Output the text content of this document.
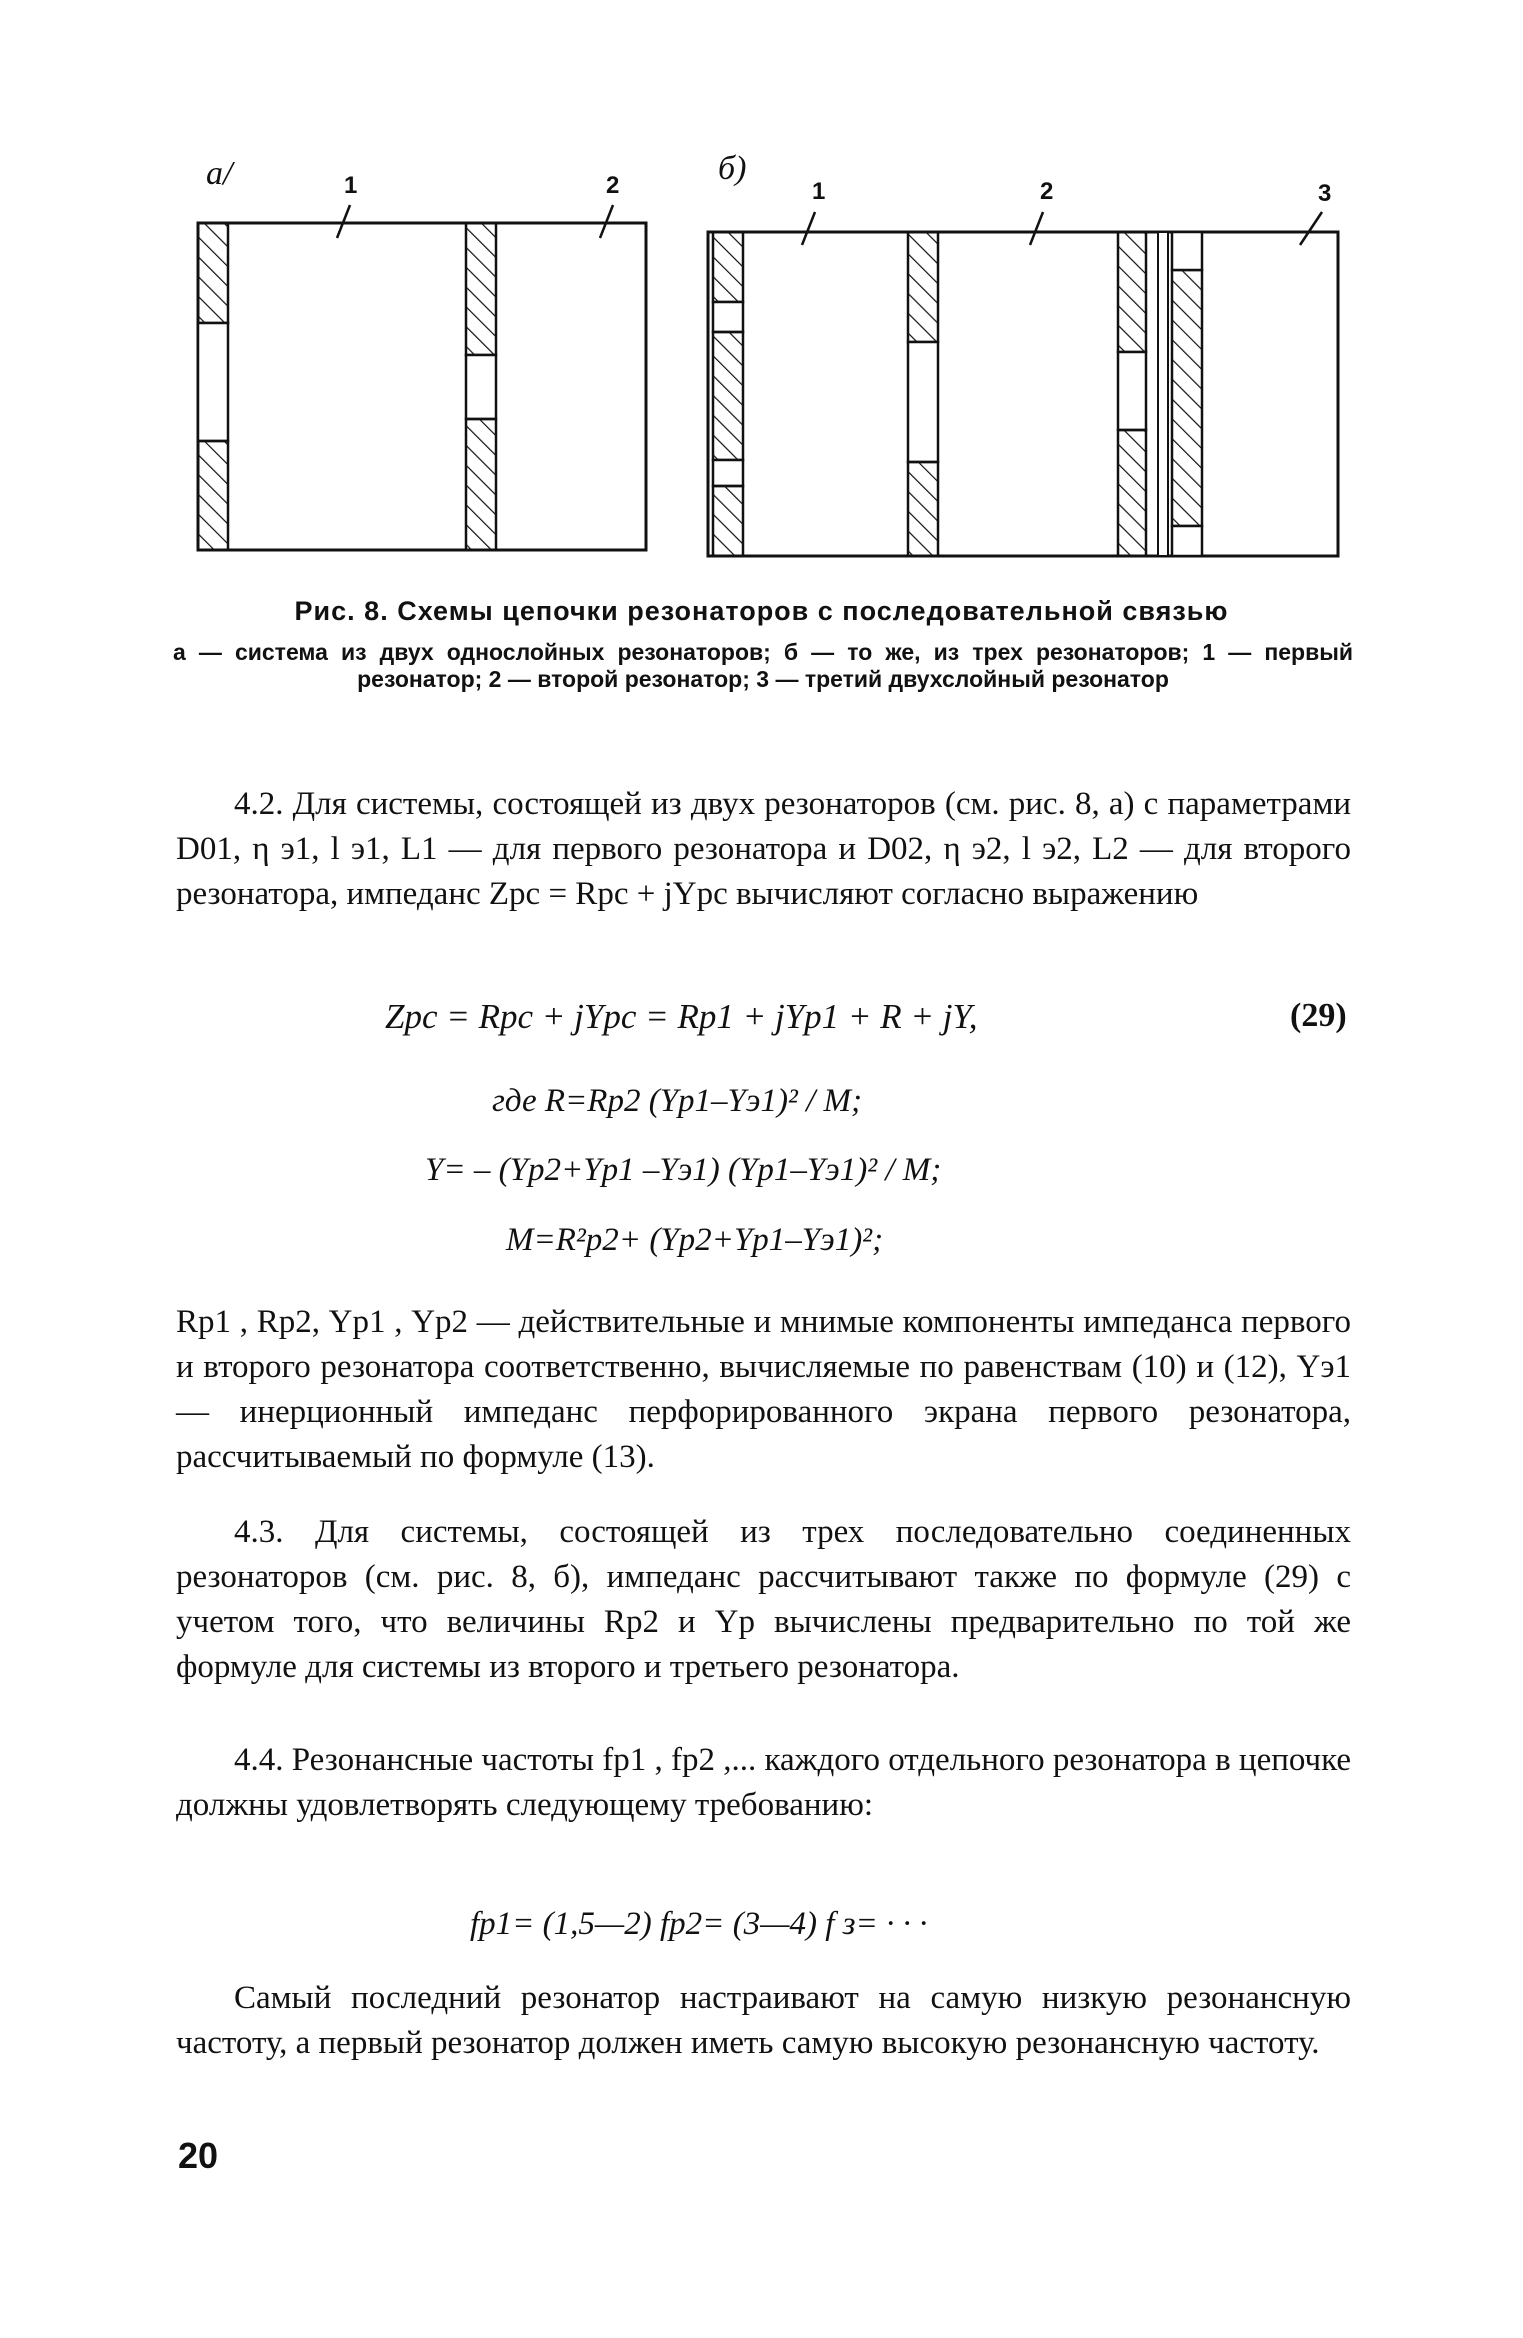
а/	б)
1	2	1	2	3
Рис. 8. Схемы цепочки резонаторов с последовательной связью
а — система из двух однослойных резонаторов; б — то же, из трех резонаторов; 1 — первый резонатор; 2 — второй резонатор; 3 — третий двухслойный резонатор
4.2. Для системы, состоящей из двух резонаторов (см. рис. 8, а) с параметрами D01, η э1, l э1, L1 — для первого резонатора и D02, η э2, l э2, L2 — для второго резонатора, импеданс Zрс = Rрс + jYрс вычисляют согласно выражению
Zрс = Rрс + jYрс = Rр1 + jYр1 + R + jY,	(29)
где R=Rр2 (Yр1–Yэ1)² / M;
Y= – (Yр2+Yр1 –Yэ1) (Yр1–Yэ1)² / M;
M=R²р2+ (Yр2+Yр1–Yэ1)²;
Rр1 , Rр2, Yр1 , Yр2 — действительные и мнимые компоненты импеданса первого и второго резонатора соответственно, вычисляемые по равенствам (10) и (12), Yэ1 — инерционный импеданс перфорированного экрана первого резонатора, рассчитываемый по формуле (13).
4.3. Для системы, состоящей из трех последовательно соединенных резонаторов (см. рис. 8, б), импеданс рассчитывают также по формуле (29) с учетом того, что величины Rр2 и Yр вычислены предварительно по той же формуле для системы из второго и третьего резонатора.
4.4. Резонансные частоты fр1 , fр2 ,... каждого отдельного резонатора в цепочке должны удовлетворять следующему требованию:
fр1= (1,5—2) fр2= (3—4) f з= · · ·
Самый последний резонатор настраивают на самую низкую резонансную частоту, а первый резонатор должен иметь самую высокую резонансную частоту.
20
